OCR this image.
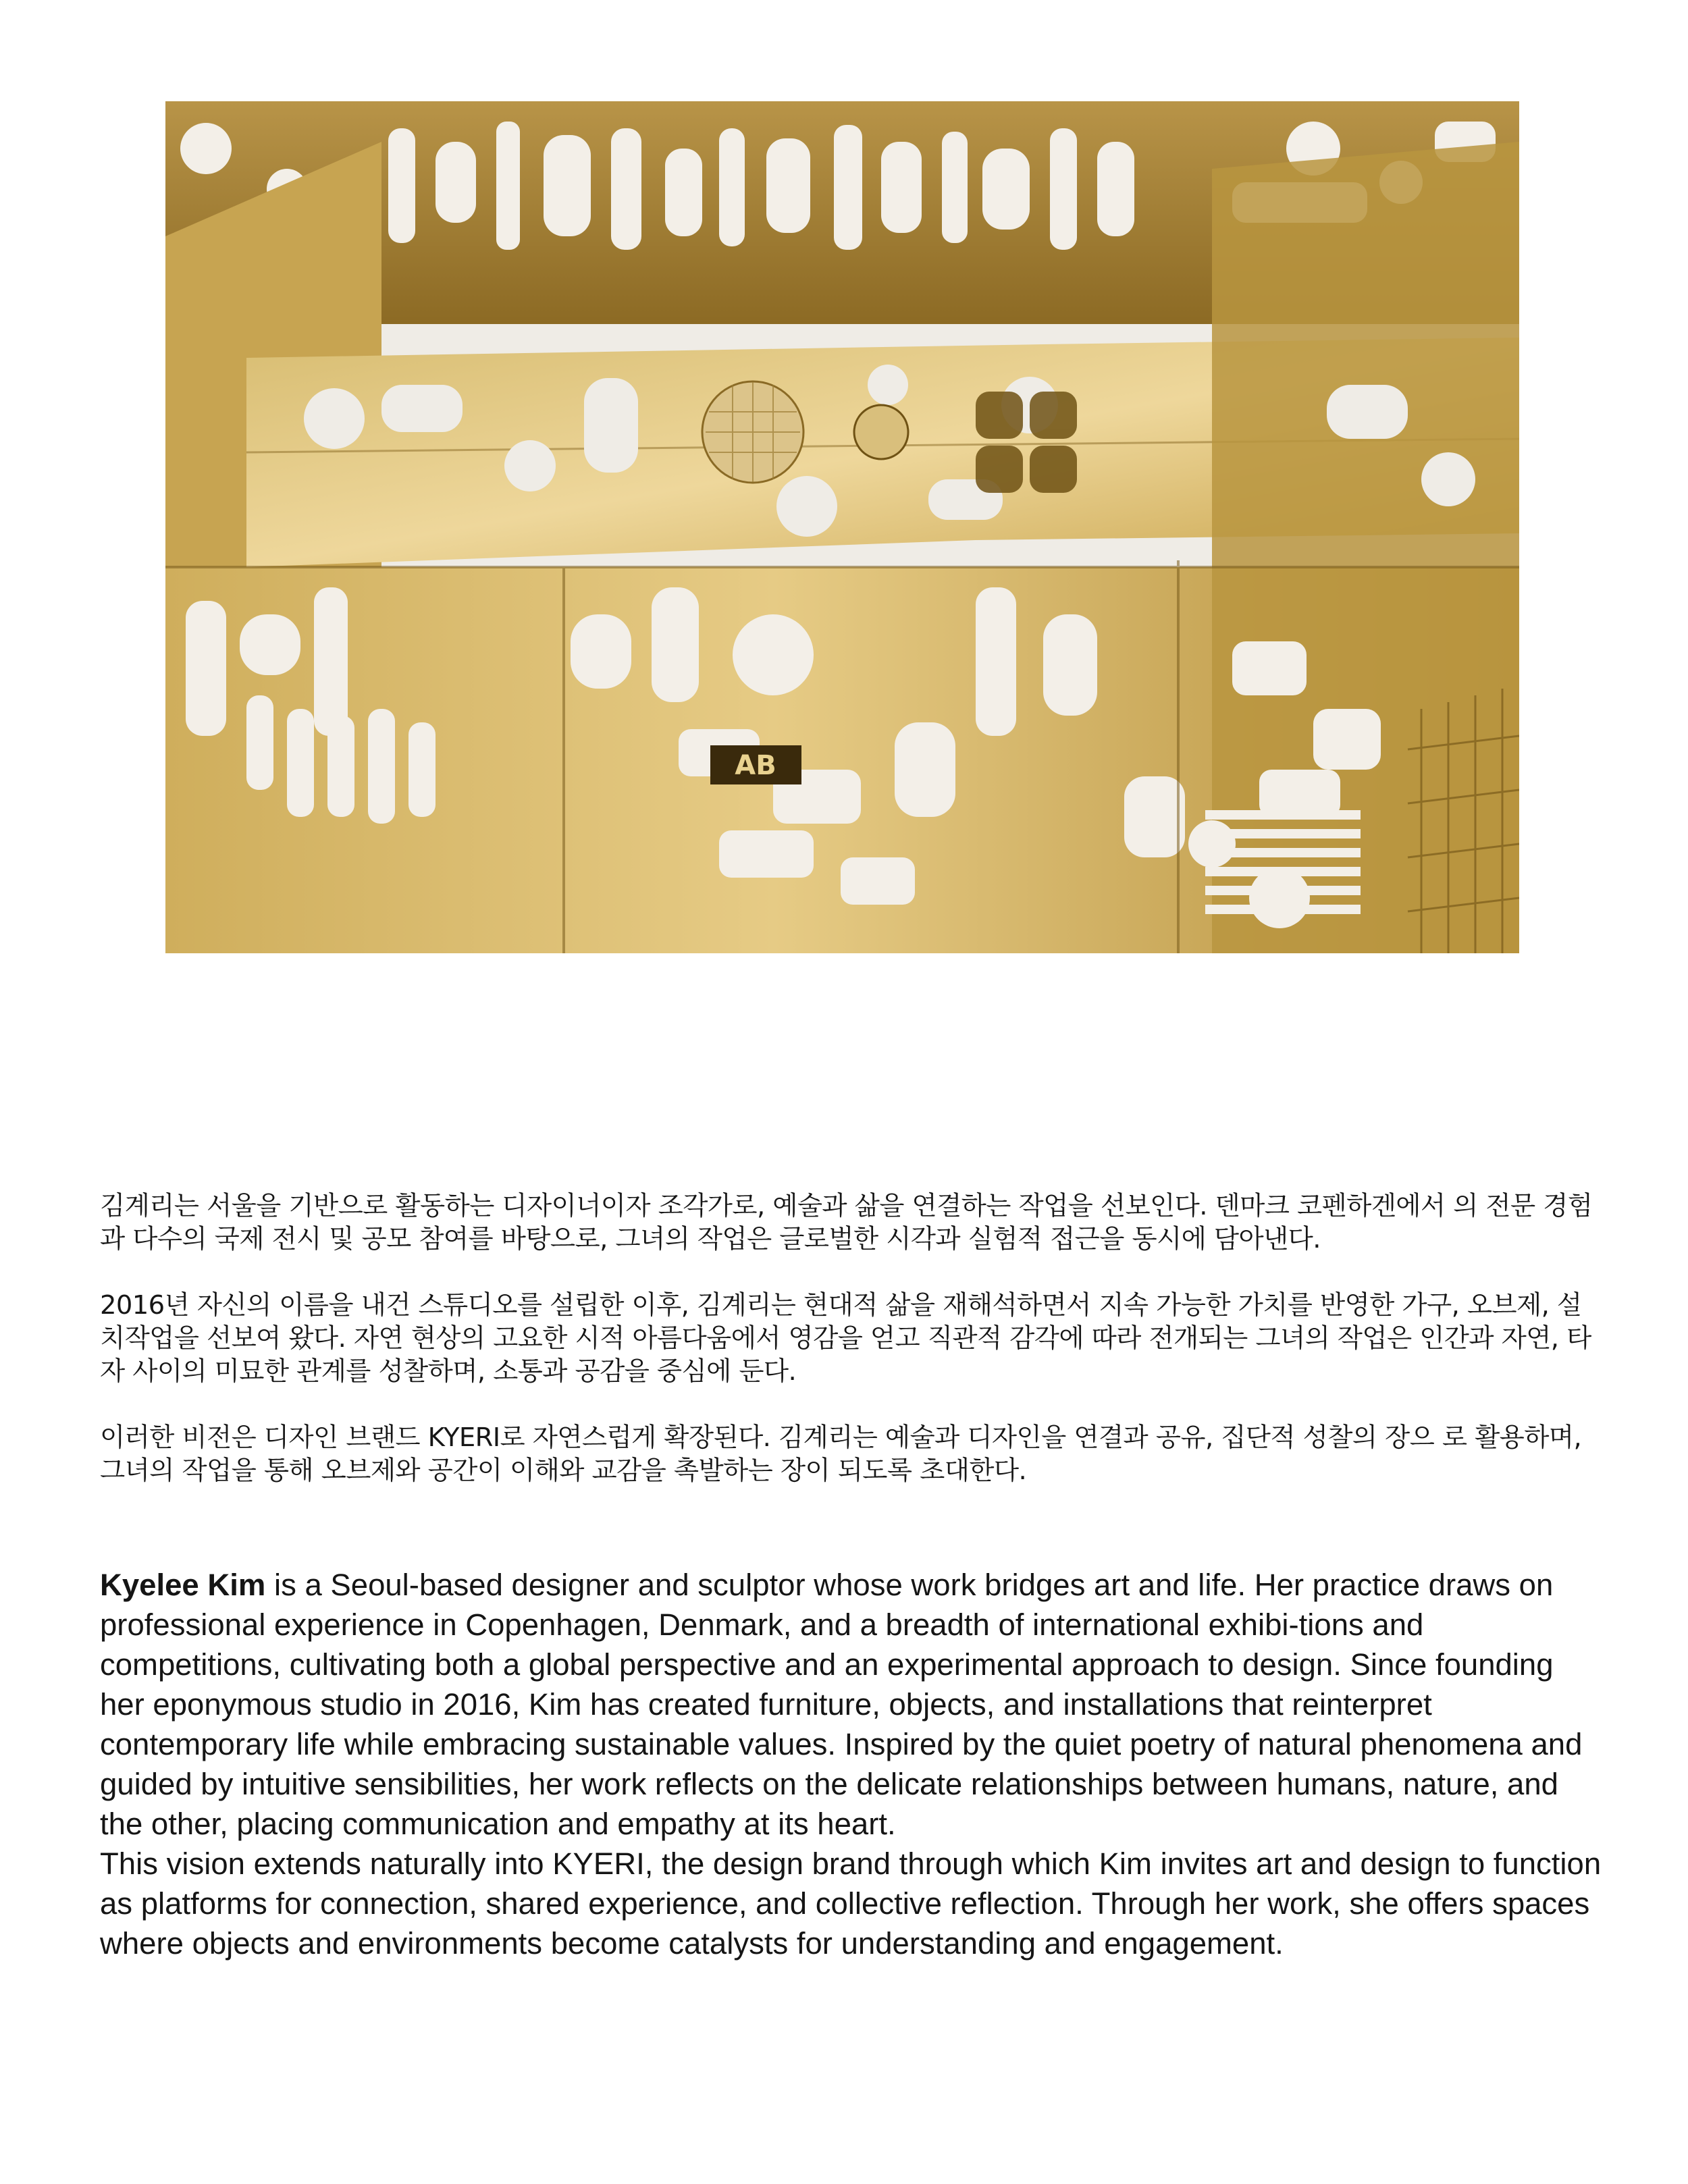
AB

김계리는 서울을 기반으로 활동하는 디자이너이자 조각가로, 예술과 삶을 연결하는 작업을 선보인다. 덴마크 코펜하겐에서 의 전문 경험과 다수의 국제 전시 및 공모 참여를 바탕으로, 그녀의 작업은 글로벌한 시각과 실험적 접근을 동시에 담아낸다.

2016년 자신의 이름을 내건 스튜디오를 설립한 이후, 김계리는 현대적 삶을 재해석하면서 지속 가능한 가치를 반영한 가구, 오브제, 설치작업을 선보여 왔다. 자연 현상의 고요한 시적 아름다움에서 영감을 얻고 직관적 감각에 따라 전개되는 그녀의 작업은 인간과 자연, 타자 사이의 미묘한 관계를 성찰하며, 소통과 공감을 중심에 둔다.

이러한 비전은 디자인 브랜드 KYERI로 자연스럽게 확장된다. 김계리는 예술과 디자인을 연결과 공유, 집단적 성찰의 장으 로 활용하며, 그녀의 작업을 통해 오브제와 공간이 이해와 교감을 촉발하는 장이 되도록 초대한다.

Kyelee Kim is a Seoul-based designer and sculptor whose work bridges art and life. Her practice draws on professional experience in Copenhagen, Denmark, and a breadth of international exhibi-tions and competitions, cultivating both a global perspective and an experimental approach to design. Since founding her eponymous studio in 2016, Kim has created furniture, objects, and installations that reinterpret contemporary life while embracing sustainable values. Inspired by the quiet poetry of natural phenomena and guided by intuitive sensibilities, her work reflects on the delicate relationships between humans, nature, and the other, placing communication and empathy at its heart.

This vision extends naturally into KYERI, the design brand through which Kim invites art and design to function as platforms for connection, shared experience, and collective reflection. Through her work, she offers spaces where objects and environments become catalysts for understanding and engagement.
